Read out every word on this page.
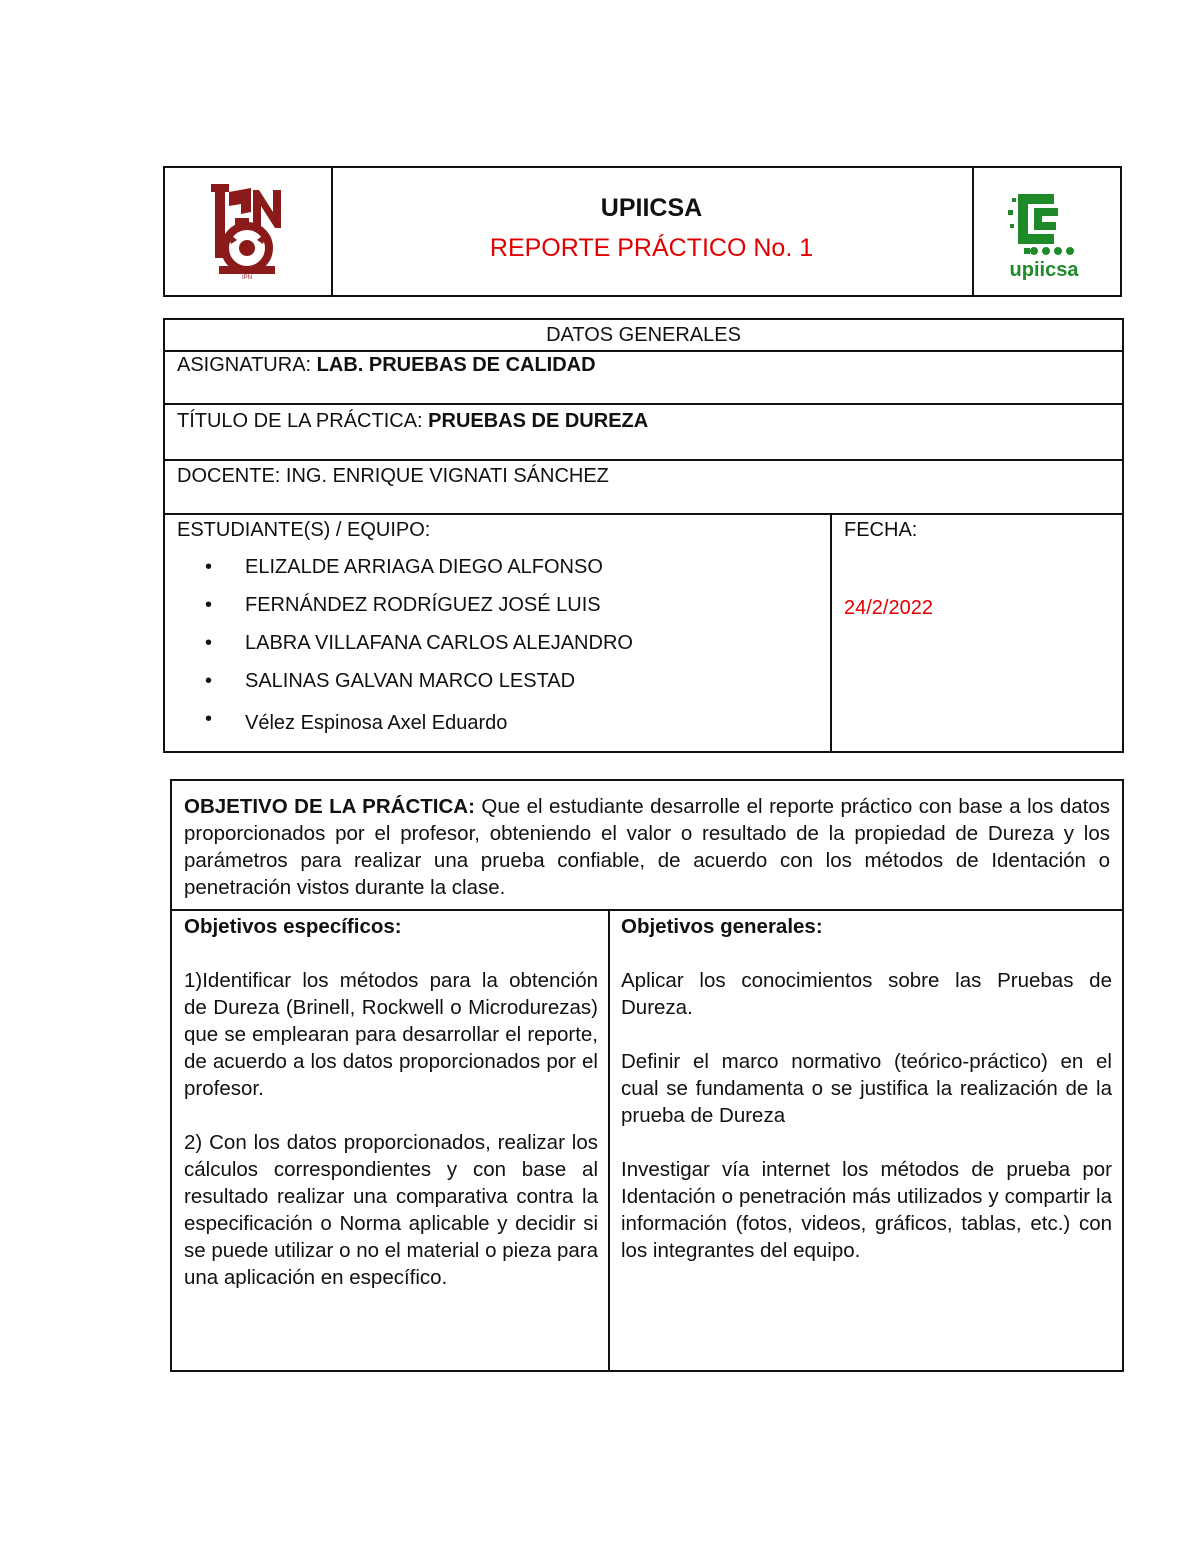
IPN
UPIICSA
REPORTE PRÁCTICO No. 1
upiicsa
DATOS GENERALES
ASIGNATURA: LAB. PRUEBAS DE CALIDAD
TÍTULO DE LA PRÁCTICA: PRUEBAS DE DUREZA
DOCENTE: ING. ENRIQUE VIGNATI SÁNCHEZ
ESTUDIANTE(S) / EQUIPO:
• ELIZALDE ARRIAGA DIEGO ALFONSO
• FERNÁNDEZ RODRÍGUEZ JOSÉ LUIS
• LABRA VILLAFANA CARLOS ALEJANDRO
• SALINAS GALVAN MARCO LESTAD
• Vélez Espinosa Axel Eduardo
FECHA:
24/2/2022
OBJETIVO DE LA PRÁCTICA: Que el estudiante desarrolle el reporte práctico con base a los datos proporcionados por el profesor, obteniendo el valor o resultado de la propiedad de Dureza y los parámetros para realizar una prueba confiable, de acuerdo con los métodos de Identación o penetración vistos durante la clase.

Objetivos específicos:

1)Identificar los métodos para la obtención de Dureza (Brinell, Rockwell o Microdurezas) que se emplearan para desarrollar el reporte, de acuerdo a los datos proporcionados por el profesor.

2) Con los datos proporcionados, realizar los cálculos correspondientes y con base al resultado realizar una comparativa contra la especificación o Norma aplicable y decidir si se puede utilizar o no el material o pieza para una aplicación en específico.

Objetivos generales:

Aplicar los conocimientos sobre las Pruebas de Dureza.

Definir el marco normativo (teórico-práctico) en el cual se fundamenta o se justifica la realización de la prueba de Dureza

Investigar vía internet los métodos de prueba por Identación o penetración más utilizados y compartir la información (fotos, videos, gráficos, tablas, etc.) con los integrantes del equipo.
